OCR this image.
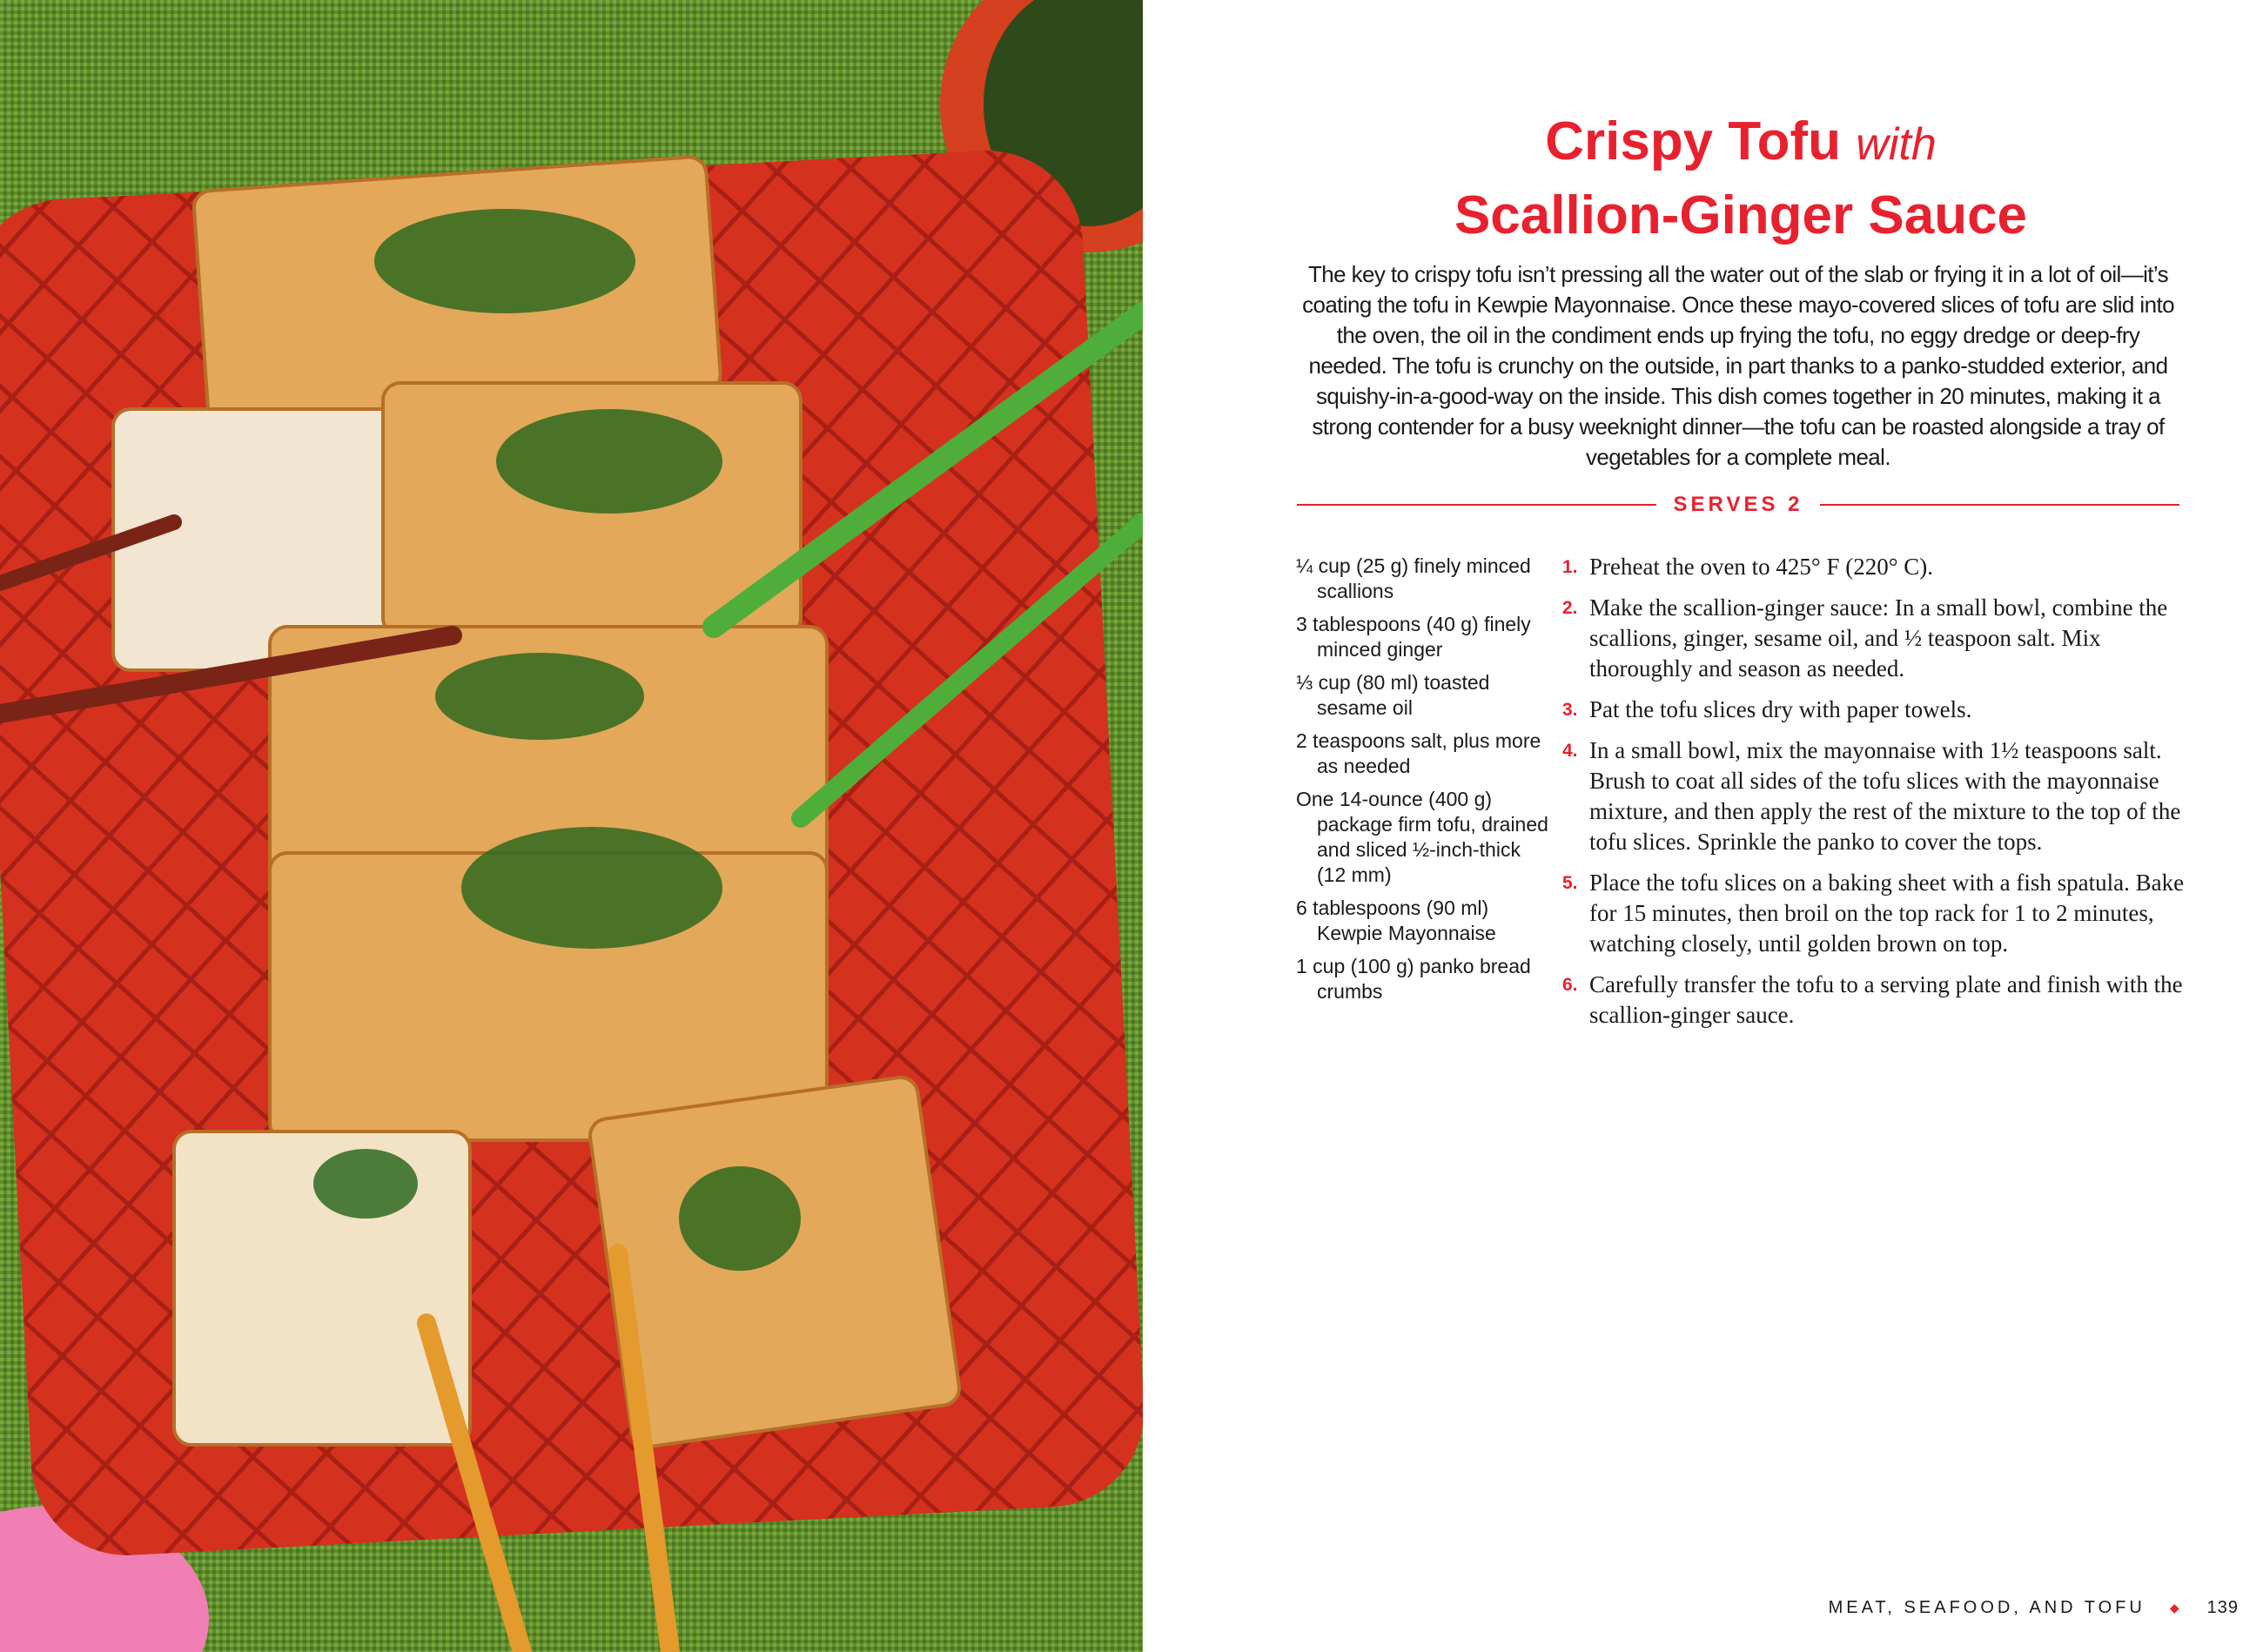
Crispy Tofu with
Scallion-Ginger Sauce

The key to crispy tofu isn’t pressing all the water out of the slab or frying it in a lot of oil—it’s coating the tofu in Kewpie Mayonnaise. Once these mayo-covered slices of tofu are slid into the oven, the oil in the condiment ends up frying the tofu, no eggy dredge or deep-fry needed. The tofu is crunchy on the outside, in part thanks to a panko-studded exterior, and squishy-in-a-good-way on the inside. This dish comes together in 20 minutes, making it a strong contender for a busy weeknight dinner—the tofu can be roasted alongside a tray of vegetables for a complete meal.

SERVES 2
¼ cup (25 g) finely minced scallions
3 tablespoons (40 g) finely minced ginger
⅓ cup (80 ml) toasted sesame oil
2 teaspoons salt, plus more as needed
One 14-ounce (400 g) package firm tofu, drained and sliced ½-inch-thick (12 mm)
6 tablespoons (90 ml) Kewpie Mayonnaise
1 cup (100 g) panko bread crumbs
1. Preheat the oven to 425° F (220° C).
2. Make the scallion-ginger sauce: In a small bowl, combine the scallions, ginger, sesame oil, and ½ teaspoon salt. Mix thoroughly and season as needed.
3. Pat the tofu slices dry with paper towels.
4. In a small bowl, mix the mayonnaise with 1½ teaspoons salt. Brush to coat all sides of the tofu slices with the mayonnaise mixture, and then apply the rest of the mixture to the top of the tofu slices. Sprinkle the panko to cover the tops.
5. Place the tofu slices on a baking sheet with a fish spatula. Bake for 15 minutes, then broil on the top rack for 1 to 2 minutes, watching closely, until golden brown on top.
6. Carefully transfer the tofu to a serving plate and finish with the scallion-ginger sauce.
MEAT, SEAFOOD, AND TOFU ◆ 139
